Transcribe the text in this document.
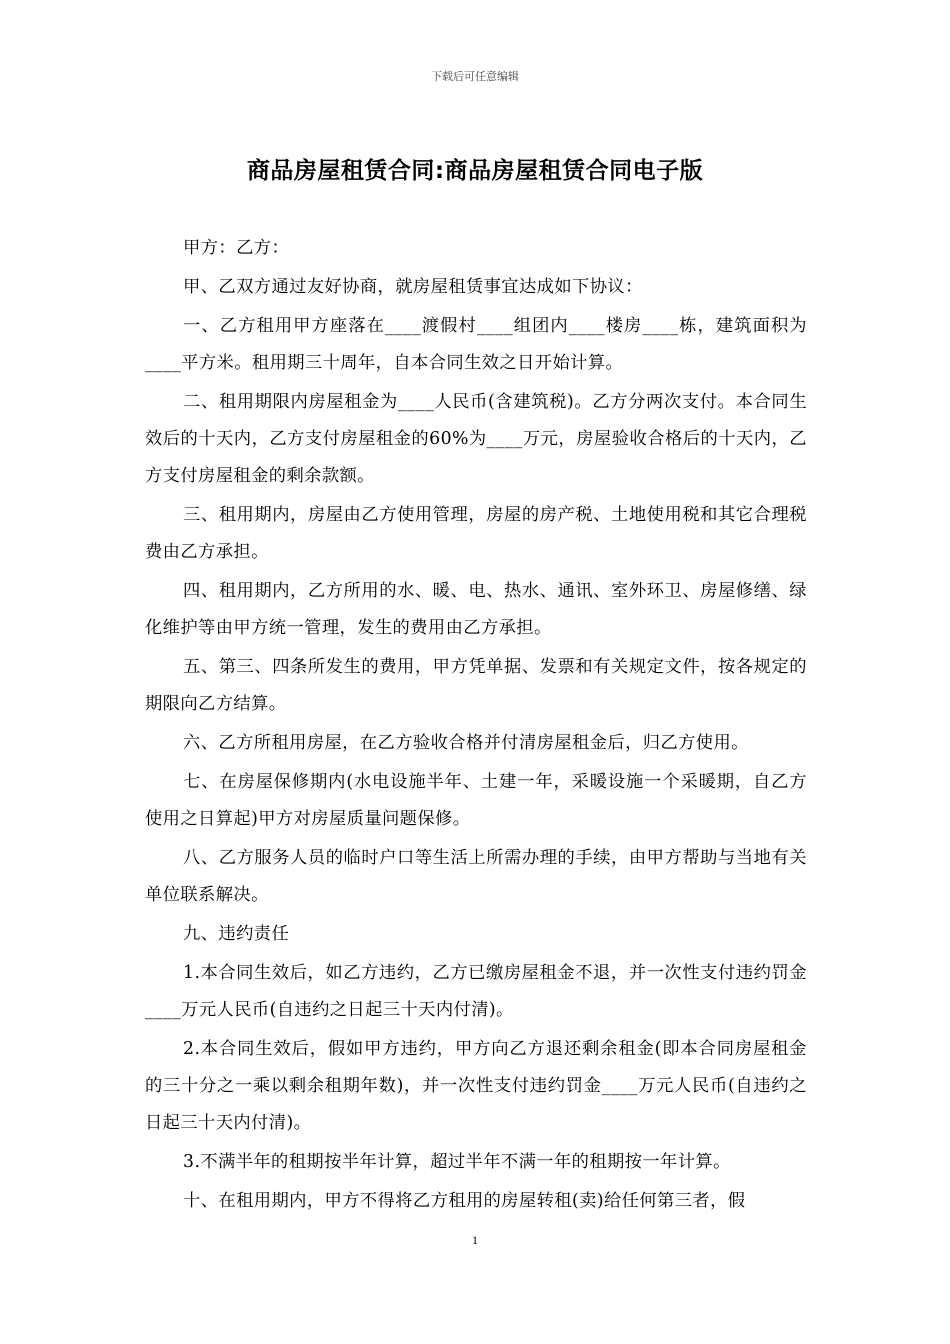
下载后可任意编辑
商品房屋租赁合同:商品房屋租赁合同电子版

甲方：乙方：

甲、乙双方通过友好协商，就房屋租赁事宜达成如下协议：

一、乙方租用甲方座落在____渡假村____组团内____楼房____栋，建筑面积为____平方米。租用期三十周年，自本合同生效之日开始计算。

二、租用期限内房屋租金为____人民币(含建筑税)。乙方分两次支付。本合同生效后的十天内，乙方支付房屋租金的60%为____万元，房屋验收合格后的十天内，乙方支付房屋租金的剩余款额。

三、租用期内，房屋由乙方使用管理，房屋的房产税、土地使用税和其它合理税费由乙方承担。

四、租用期内，乙方所用的水、暖、电、热水、通讯、室外环卫、房屋修缮、绿化维护等由甲方统一管理，发生的费用由乙方承担。

五、第三、四条所发生的费用，甲方凭单据、发票和有关规定文件，按各规定的期限向乙方结算。

六、乙方所租用房屋，在乙方验收合格并付清房屋租金后，归乙方使用。

七、在房屋保修期内(水电设施半年、土建一年，采暖设施一个采暖期，自乙方使用之日算起)甲方对房屋质量问题保修。

八、乙方服务人员的临时户口等生活上所需办理的手续，由甲方帮助与当地有关单位联系解决。

九、违约责任

1.本合同生效后，如乙方违约，乙方已缴房屋租金不退，并一次性支付违约罚金____万元人民币(自违约之日起三十天内付清)。

2.本合同生效后，假如甲方违约，甲方向乙方退还剩余租金(即本合同房屋租金的三十分之一乘以剩余租期年数)，并一次性支付违约罚金____万元人民币(自违约之日起三十天内付清)。

3.不满半年的租期按半年计算，超过半年不满一年的租期按一年计算。

十、在租用期内，甲方不得将乙方租用的房屋转租(卖)给任何第三者，假

1
